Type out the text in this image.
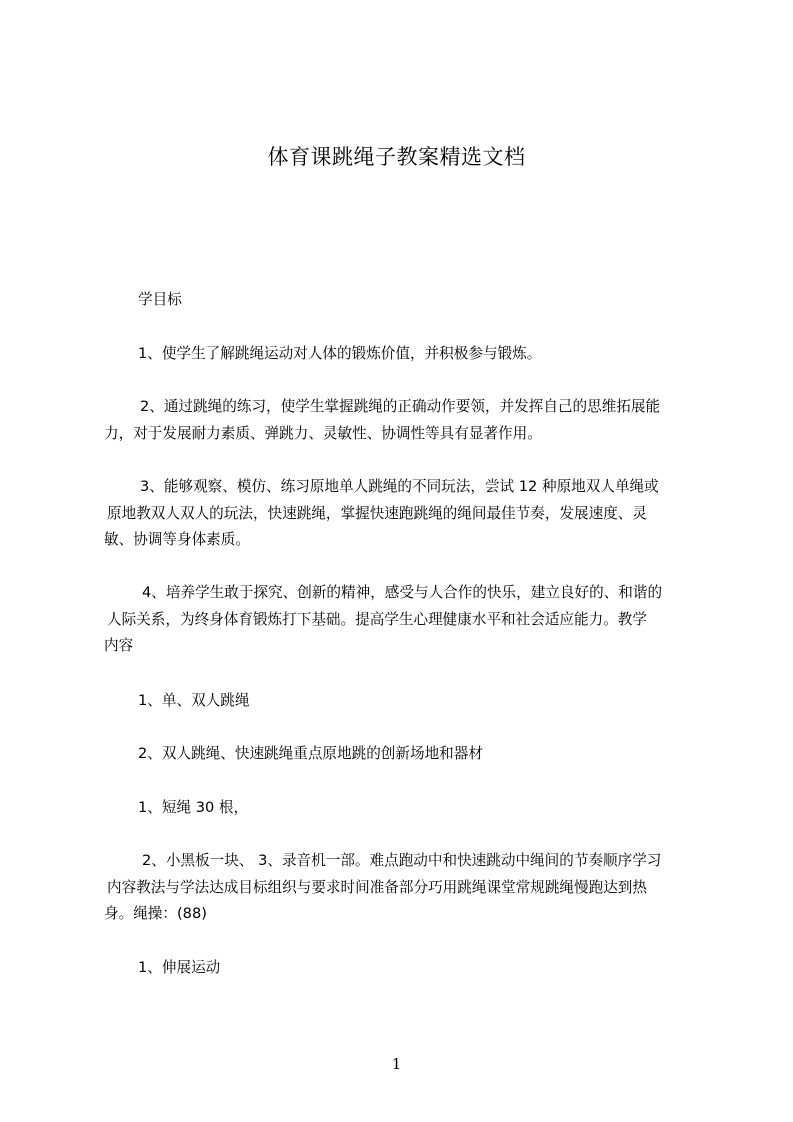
体育课跳绳子教案精选文档
学目标
1、使学生了解跳绳运动对人体的锻炼价值，并积极参与锻炼。
2、通过跳绳的练习，使学生掌握跳绳的正确动作要领，并发挥自己的思维拓展能
力，对于发展耐力素质、弹跳力、灵敏性、协调性等具有显著作用。
3、能够观察、模仿、练习原地单人跳绳的不同玩法，尝试 12 种原地双人单绳或
原地教双人双人的玩法，快速跳绳，掌握快速跑跳绳的绳间最佳节奏，发展速度、灵
敏、协调等身体素质。
4、培养学生敢于探究、创新的精神，感受与人合作的快乐，建立良好的、和谐的
人际关系，为终身体育锻炼打下基础。提高学生心理健康水平和社会适应能力。教学
内容
1、单、双人跳绳
2、双人跳绳、快速跳绳重点原地跳的创新场地和器材
1、短绳 30 根，
2、小黑板一块、 3、录音机一部。难点跑动中和快速跳动中绳间的节奏顺序学习
内容教法与学法达成目标组织与要求时间准备部分巧用跳绳课堂常规跳绳慢跑达到热
身。绳操：(88)
1、伸展运动
1
